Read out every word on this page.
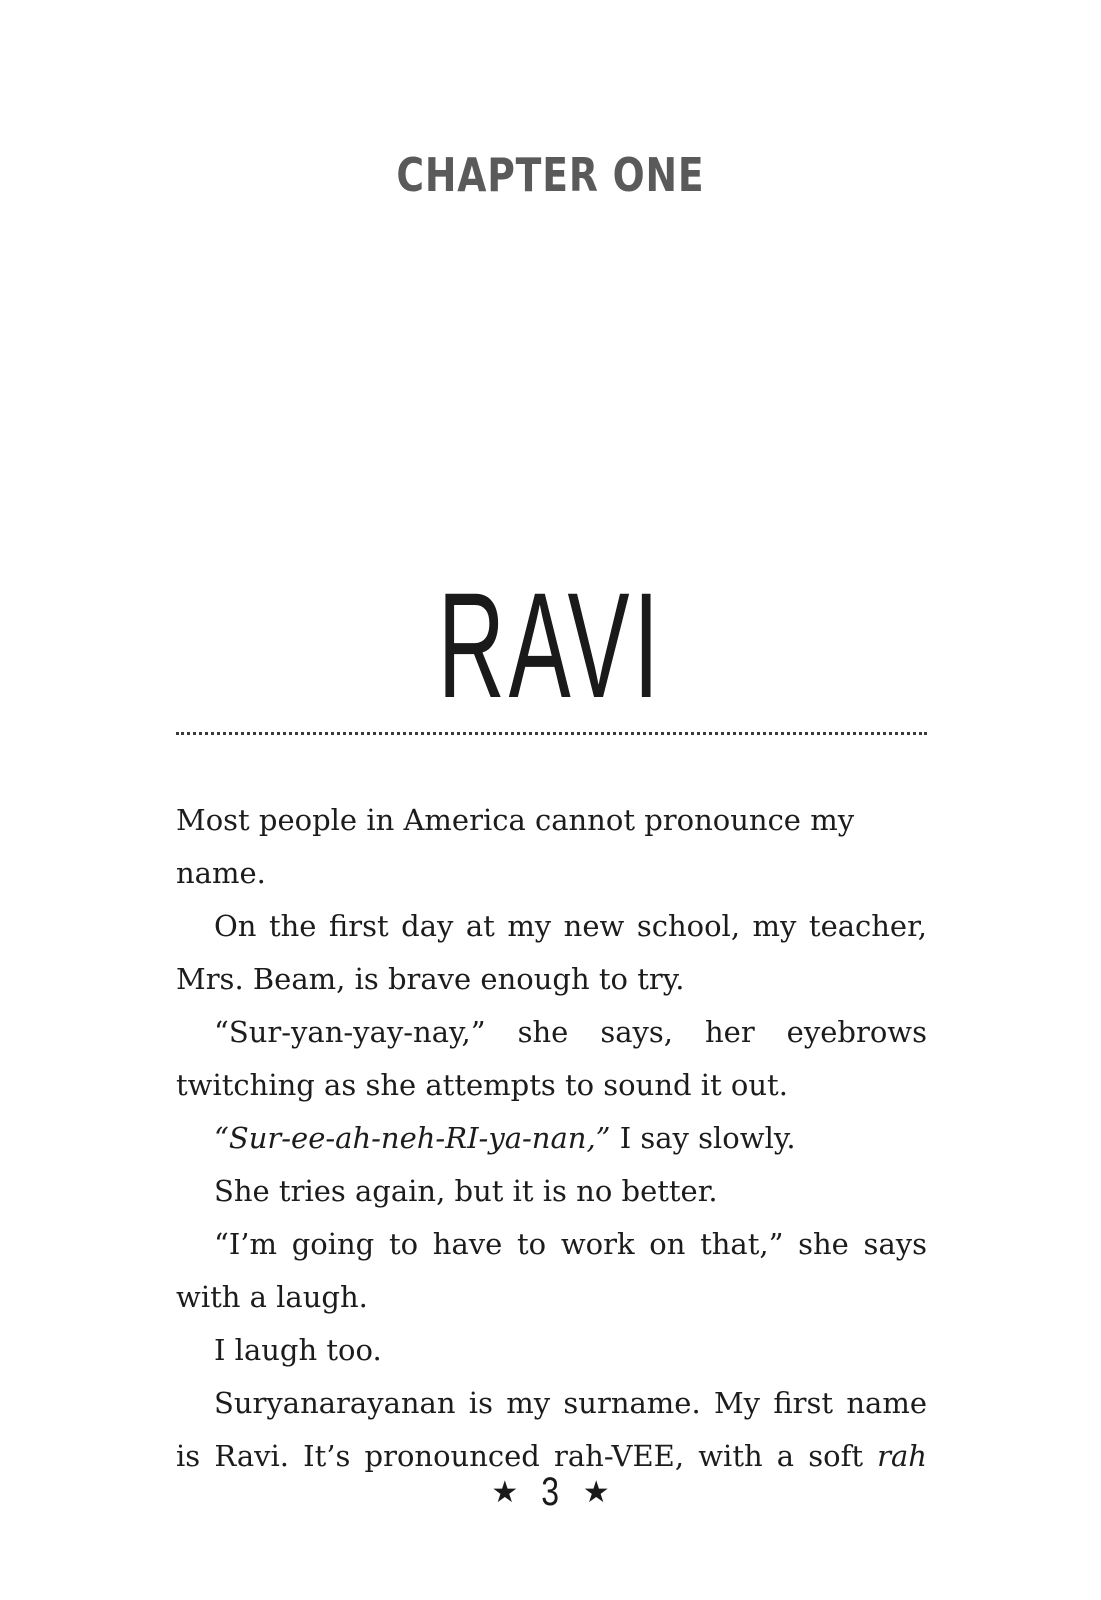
CHAPTER ONE
RAVI

Most people in America cannot pronounce my name.

On the first day at my new school, my teacher, Mrs. Beam, is brave enough to try.

“Sur-yan-yay-nay,” she says, her eyebrows twitching as she attempts to sound it out.

“Sur-ee-ah-neh-RI-ya-nan,” I say slowly.

She tries again, but it is no better.

“I’m going to have to work on that,” she says with a laugh.

I laugh too.

Suryanarayanan is my surname. My first name is Ravi. It’s pronounced rah-VEE, with a soft rah

★ 3 ★
